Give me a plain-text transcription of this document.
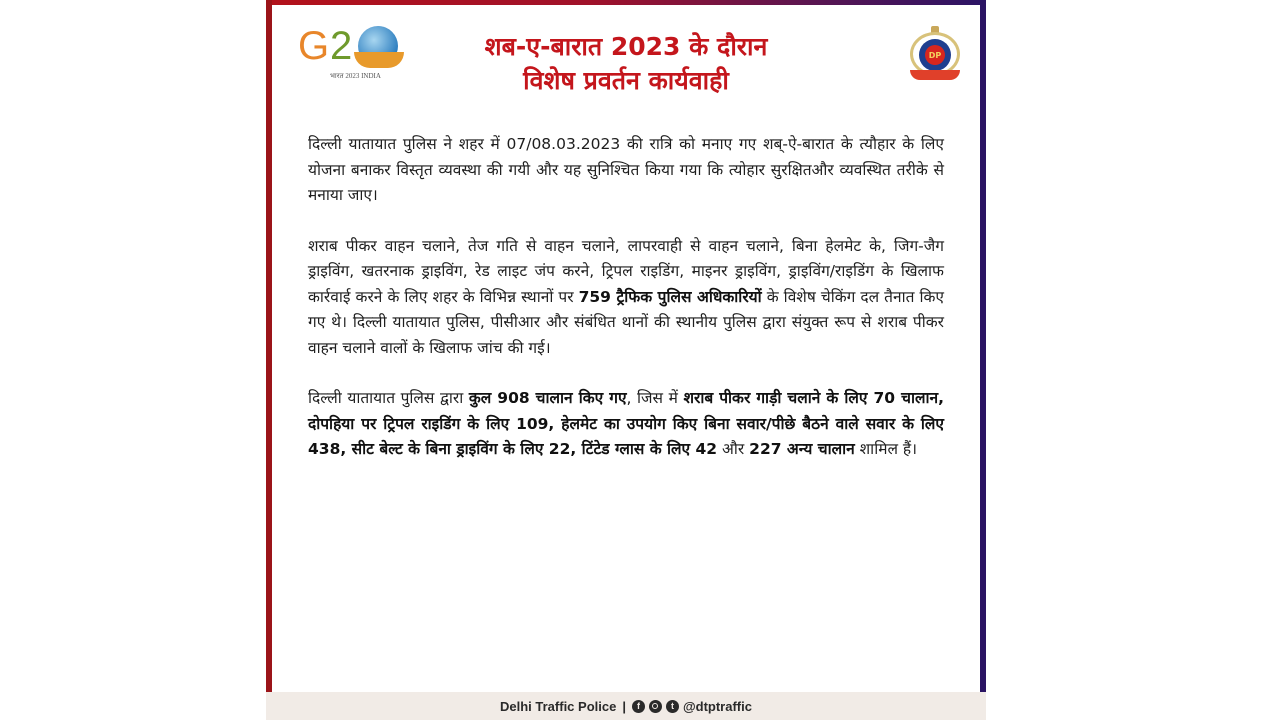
G 2
भारत 2023 INDIA
शब-ए-बारात 2023 के दौरान
विशेष प्रवर्तन कार्यवाही
DP

दिल्ली यातायात पुलिस ने शहर में 07/08.03.2023 की रात्रि को मनाए गए शब्-ऐ-बारात के त्यौहार के लिए योजना बनाकर विस्तृत व्यवस्था की गयी और यह सुनिश्चित किया गया कि त्योहार सुरक्षितऔर व्यवस्थित तरीके से मनाया जाए।

शराब पीकर वाहन चलाने, तेज गति से वाहन चलाने, लापरवाही से वाहन चलाने, बिना हेलमेट के, जिग-जैग ड्राइविंग, खतरनाक ड्राइविंग, रेड लाइट जंप करने, ट्रिपल राइडिंग, माइनर ड्राइविंग, ड्राइविंग/राइडिंग के खिलाफ कार्रवाई करने के लिए शहर के विभिन्न स्थानों पर 759 ट्रैफिक पुलिस अधिकारियों के विशेष चेकिंग दल तैनात किए गए थे। दिल्ली यातायात पुलिस, पीसीआर और संबंधित थानों की स्थानीय पुलिस द्वारा संयुक्त रूप से शराब पीकर वाहन चलाने वालों के खिलाफ जांच की गई।

दिल्ली यातायात पुलिस द्वारा कुल 908 चालान किए गए, जिस में शराब पीकर गाड़ी चलाने के लिए 70 चालान, दोपहिया पर ट्रिपल राइडिंग के लिए 109, हेलमेट का उपयोग किए बिना सवार/पीछे बैठने वाले सवार के लिए 438, सीट बेल्ट के बिना ड्राइविंग के लिए 22, टिंटेड ग्लास के लिए 42 और 227 अन्य चालान शामिल हैं।

Delhi Traffic Police |	f	t @dtptraffic
